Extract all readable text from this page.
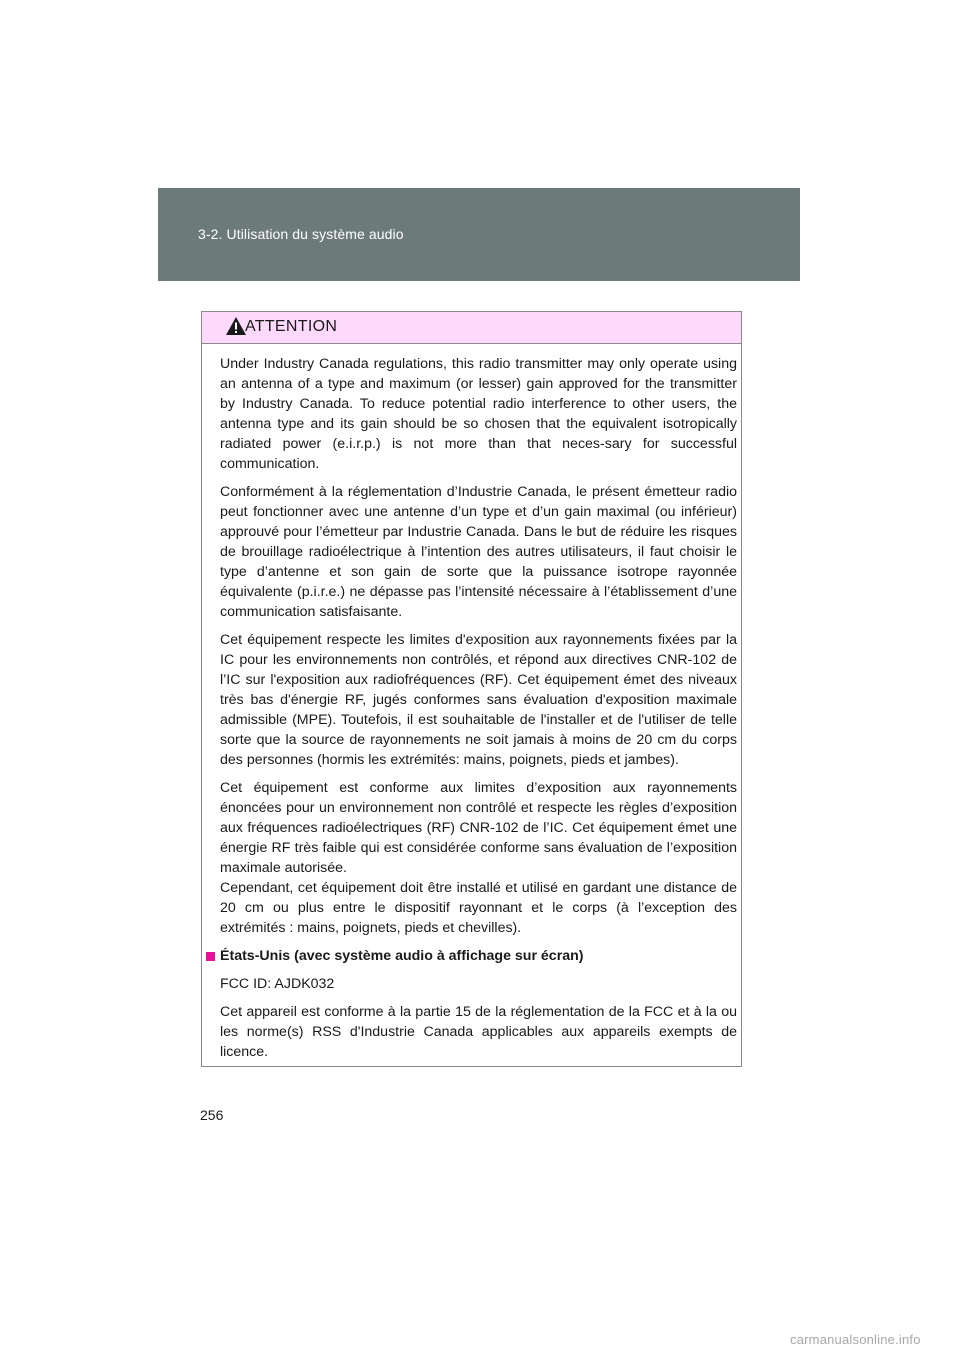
3-2. Utilisation du système audio
ATTENTION

Under Industry Canada regulations, this radio transmitter may only operate using an antenna of a type and maximum (or lesser) gain approved for the transmitter by Industry Canada. To reduce potential radio interference to other users, the antenna type and its gain should be so chosen that the equivalent isotropically radiated power (e.i.r.p.) is not more than that neces-sary for successful communication.

Conformément à la réglementation d’Industrie Canada, le présent émetteur radio peut fonctionner avec une antenne d’un type et d’un gain maximal (ou inférieur) approuvé pour l’émetteur par Industrie Canada. Dans le but de réduire les risques de brouillage radioélectrique à l’intention des autres utilisateurs, il faut choisir le type d’antenne et son gain de sorte que la puissance isotrope rayonnée équivalente (p.i.r.e.) ne dépasse pas l’intensité nécessaire à l’établissement d’une communication satisfaisante.

Cet équipement respecte les limites d'exposition aux rayonnements fixées par la IC pour les environnements non contrôlés, et répond aux directives CNR-102 de l’IC sur l'exposition aux radiofréquences (RF). Cet équipement émet des niveaux très bas d'énergie RF, jugés conformes sans évaluation d'exposition maximale admissible (MPE). Toutefois, il est souhaitable de l'installer et de l'utiliser de telle sorte que la source de rayonnements ne soit jamais à moins de 20 cm du corps des personnes (hormis les extrémités: mains, poignets, pieds et jambes).

Cet équipement est conforme aux limites d’exposition aux rayonnements énoncées pour un environnement non contrôlé et respecte les règles d’exposition aux fréquences radioélectriques (RF) CNR-102 de l’IC. Cet équipement émet une énergie RF très faible qui est considérée conforme sans évaluation de l’exposition maximale autorisée.

Cependant, cet équipement doit être installé et utilisé en gardant une distance de 20 cm ou plus entre le dispositif rayonnant et le corps (à l’exception des extrémités : mains, poignets, pieds et chevilles).

États-Unis (avec système audio à affichage sur écran)

FCC ID: AJDK032

Cet appareil est conforme à la partie 15 de la réglementation de la FCC et à la ou les norme(s) RSS d'Industrie Canada applicables aux appareils exempts de licence.

256
carmanualsonline.info
